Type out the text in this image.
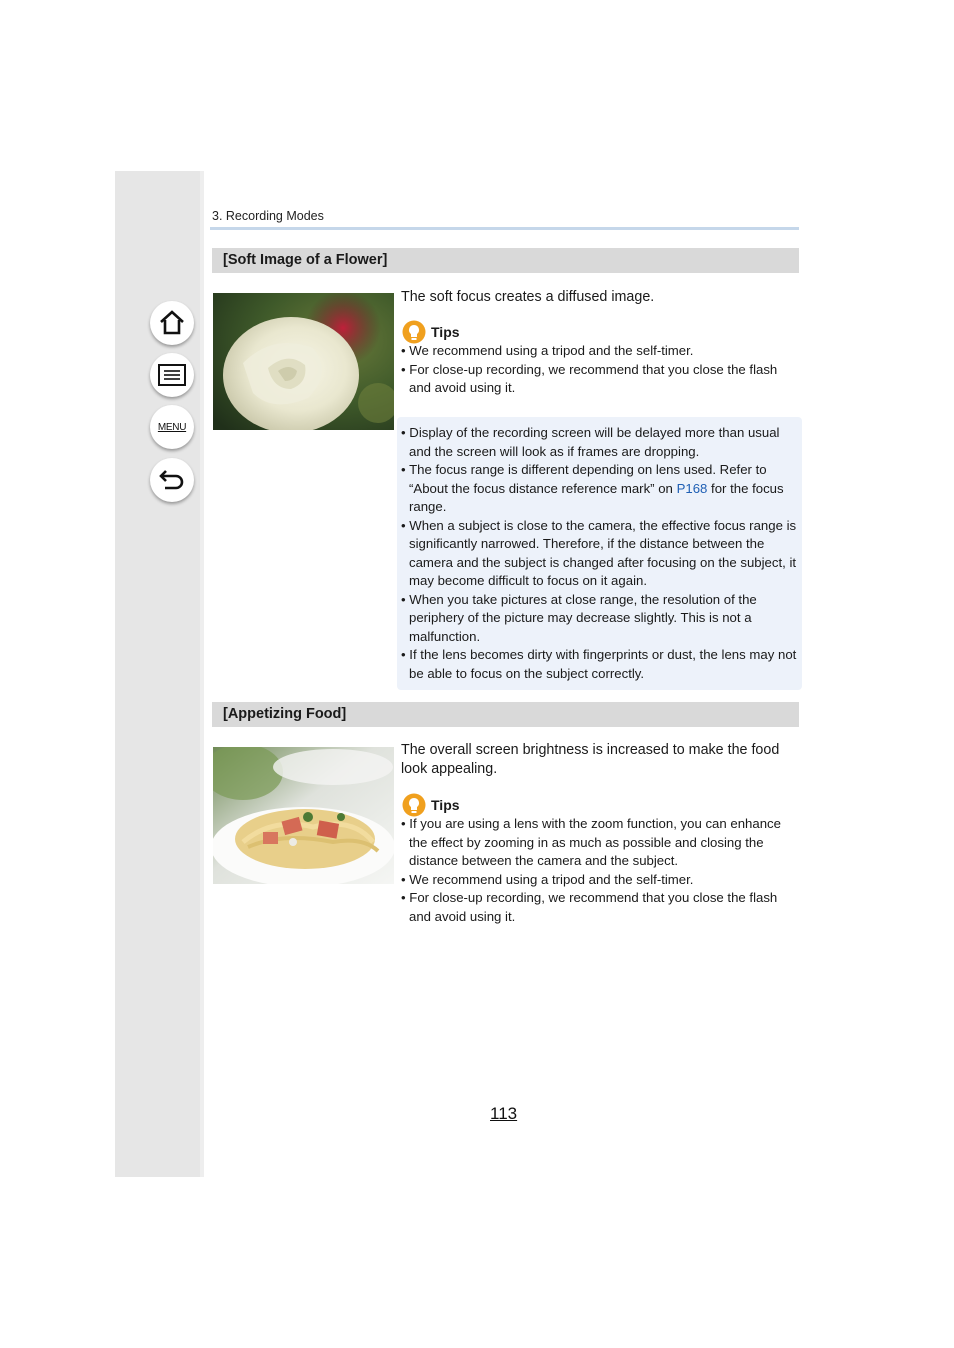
MENU
3. Recording Modes
[Soft Image of a Flower]
The soft focus creates a diffused image.
Tips
• We recommend using a tripod and the self-timer.
• For close-up recording, we recommend that you close the flash and avoid using it.
• Display of the recording screen will be delayed more than usual and the screen will look as if frames are dropping.
• The focus range is different depending on lens used. Refer to “About the focus distance reference mark” on P168 for the focus range.
• When a subject is close to the camera, the effective focus range is significantly narrowed. Therefore, if the distance between the camera and the subject is changed after focusing on the subject, it may become difficult to focus on it again.
• When you take pictures at close range, the resolution of the periphery of the picture may decrease slightly. This is not a malfunction.
• If the lens becomes dirty with fingerprints or dust, the lens may not be able to focus on the subject correctly.
[Appetizing Food]
The overall screen brightness is increased to make the food look appealing.
Tips
• If you are using a lens with the zoom function, you can enhance the effect by zooming in as much as possible and closing the distance between the camera and the subject.
• We recommend using a tripod and the self-timer.
• For close-up recording, we recommend that you close the flash and avoid using it.
113
